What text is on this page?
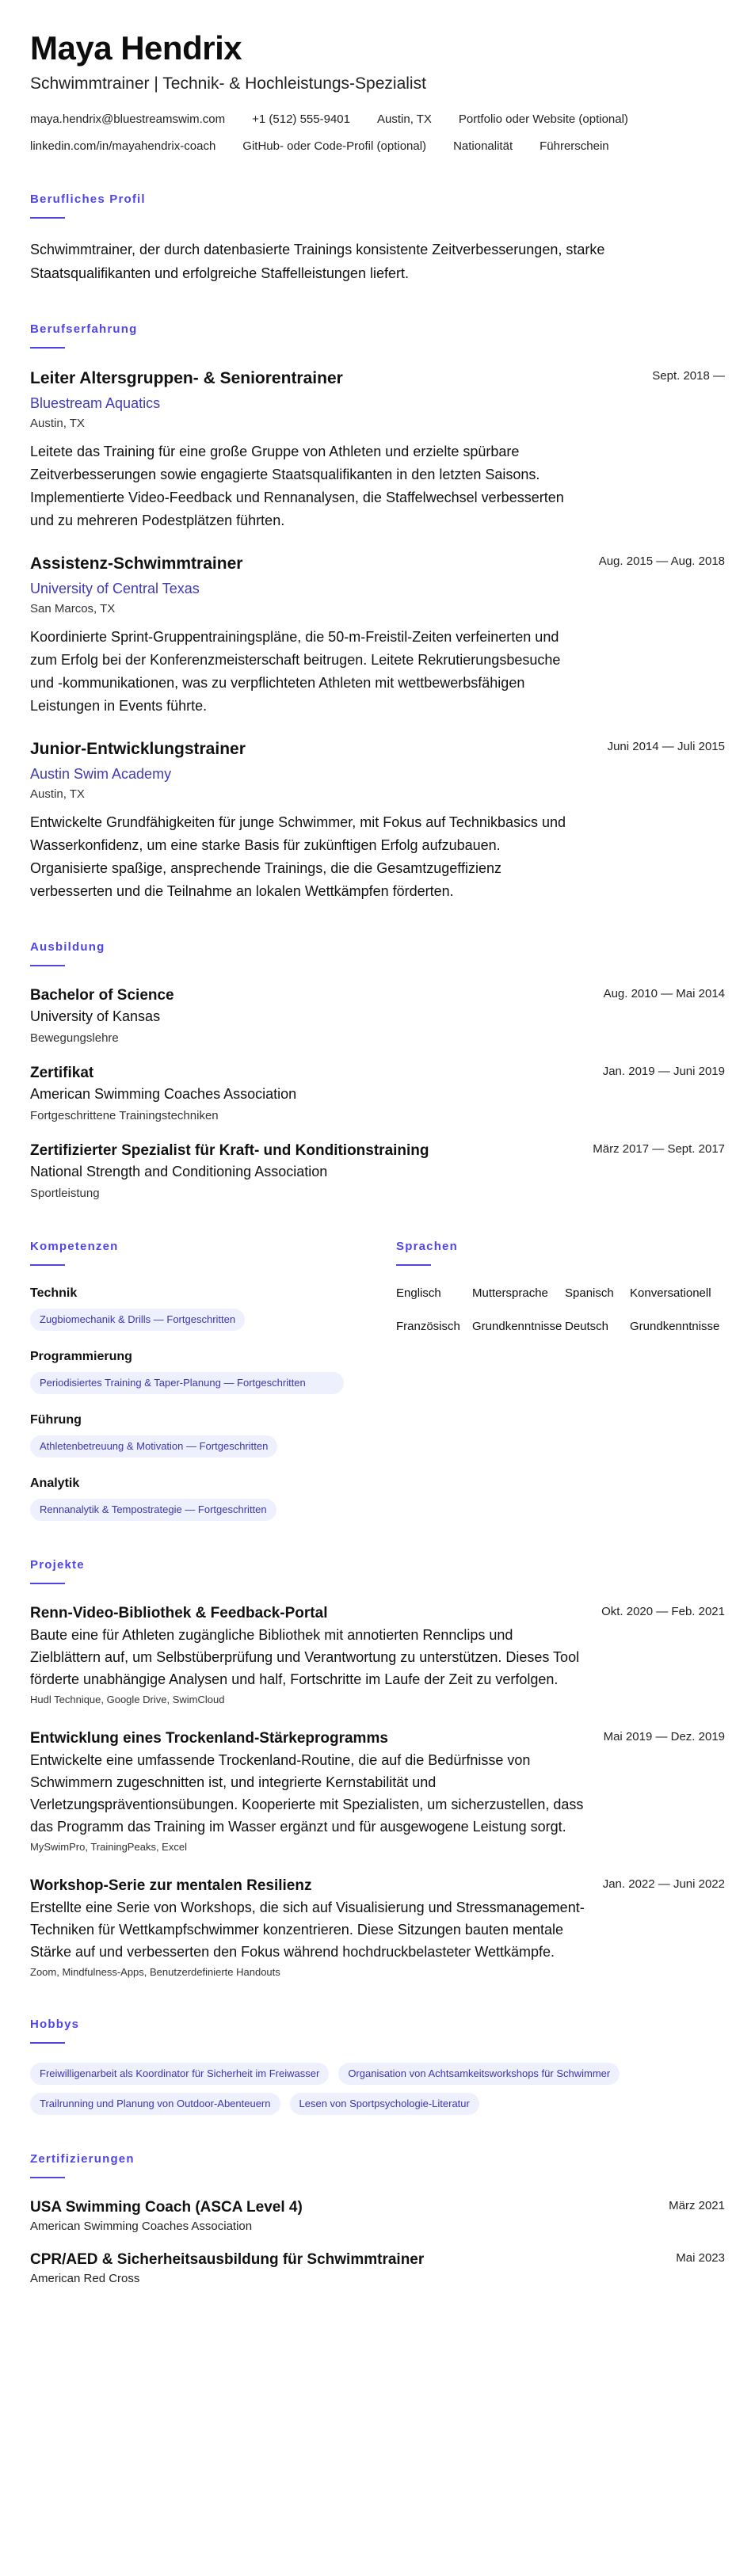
Maya Hendrix
Schwimmtrainer | Technik- & Hochleistungs-Spezialist
maya.hendrix@bluestreamswim.com +1 (512) 555-9401 Austin, TX Portfolio oder Website (optional)
linkedin.com/in/mayahendrix-coach GitHub- oder Code-Profil (optional) Nationalität Führerschein
Berufliches Profil
Schwimmtrainer, der durch datenbasierte Trainings konsistente Zeitverbesserungen, starke Staatsqualifikanten und erfolgreiche Staffelleistungen liefert.
Berufserfahrung
Leiter Altersgruppen- & Seniorentrainer	Sept. 2018 —
Bluestream Aquatics
Austin, TX
Leitete das Training für eine große Gruppe von Athleten und erzielte spürbare Zeitverbesserungen sowie engagierte Staatsqualifikanten in den letzten Saisons. Implementierte Video-Feedback und Rennanalysen, die Staffelwechsel verbesserten und zu mehreren Podestplätzen führten.
Assistenz-Schwimmtrainer	Aug. 2015 — Aug. 2018
University of Central Texas
San Marcos, TX
Koordinierte Sprint-Gruppentrainingspläne, die 50-m-Freistil-Zeiten verfeinerten und zum Erfolg bei der Konferenzmeisterschaft beitrugen. Leitete Rekrutierungsbesuche und -kommunikationen, was zu verpflichteten Athleten mit wettbewerbsfähigen Leistungen in Events führte.
Junior-Entwicklungstrainer	Juni 2014 — Juli 2015
Austin Swim Academy
Austin, TX
Entwickelte Grundfähigkeiten für junge Schwimmer, mit Fokus auf Technikbasics und Wasserkonfidenz, um eine starke Basis für zukünftigen Erfolg aufzubauen. Organisierte spaßige, ansprechende Trainings, die die Gesamtzugeffizienz verbesserten und die Teilnahme an lokalen Wettkämpfen förderten.
Ausbildung
Bachelor of Science	Aug. 2010 — Mai 2014
University of Kansas
Bewegungslehre
Zertifikat	Jan. 2019 — Juni 2019
American Swimming Coaches Association
Fortgeschrittene Trainingstechniken
Zertifizierter Spezialist für Kraft- und Konditionstraining	März 2017 — Sept. 2017
National Strength and Conditioning Association
Sportleistung
Kompetenzen
Technik
Zugbiomechanik & Drills — Fortgeschritten
Programmierung
Periodisiertes Training & Taper-Planung — Fortgeschritten
Führung
Athletenbetreuung & Motivation — Fortgeschritten
Analytik
Rennanalytik & Tempostrategie — Fortgeschritten
Sprachen
Englisch	Muttersprache	Spanisch	Konversationell
Französisch	Grundkenntnisse Deutsch	Grundkenntnisse
Projekte
Renn-Video-Bibliothek & Feedback-Portal	Okt. 2020 — Feb. 2021
Baute eine für Athleten zugängliche Bibliothek mit annotierten Rennclips und Zielblättern auf, um Selbstüberprüfung und Verantwortung zu unterstützen. Dieses Tool förderte unabhängige Analysen und half, Fortschritte im Laufe der Zeit zu verfolgen.
Hudl Technique, Google Drive, SwimCloud
Entwicklung eines Trockenland-Stärkeprogramms	Mai 2019 — Dez. 2019
Entwickelte eine umfassende Trockenland-Routine, die auf die Bedürfnisse von Schwimmern zugeschnitten ist, und integrierte Kernstabilität und Verletzungspräventionsübungen. Kooperierte mit Spezialisten, um sicherzustellen, dass das Programm das Training im Wasser ergänzt und für ausgewogene Leistung sorgt.
MySwimPro, TrainingPeaks, Excel
Workshop-Serie zur mentalen Resilienz	Jan. 2022 — Juni 2022
Erstellte eine Serie von Workshops, die sich auf Visualisierung und Stressmanagement-Techniken für Wettkampfschwimmer konzentrieren. Diese Sitzungen bauten mentale Stärke auf und verbesserten den Fokus während hochdruckbelasteter Wettkämpfe.
Zoom, Mindfulness-Apps, Benutzerdefinierte Handouts
Hobbys
Freiwilligenarbeit als Koordinator für Sicherheit im Freiwasser	Organisation von Achtsamkeitsworkshops für Schwimmer
Trailrunning und Planung von Outdoor-Abenteuern	Lesen von Sportpsychologie-Literatur
Zertifizierungen
USA Swimming Coach (ASCA Level 4)	März 2021
American Swimming Coaches Association
CPR/AED & Sicherheitsausbildung für Schwimmtrainer	Mai 2023
American Red Cross
